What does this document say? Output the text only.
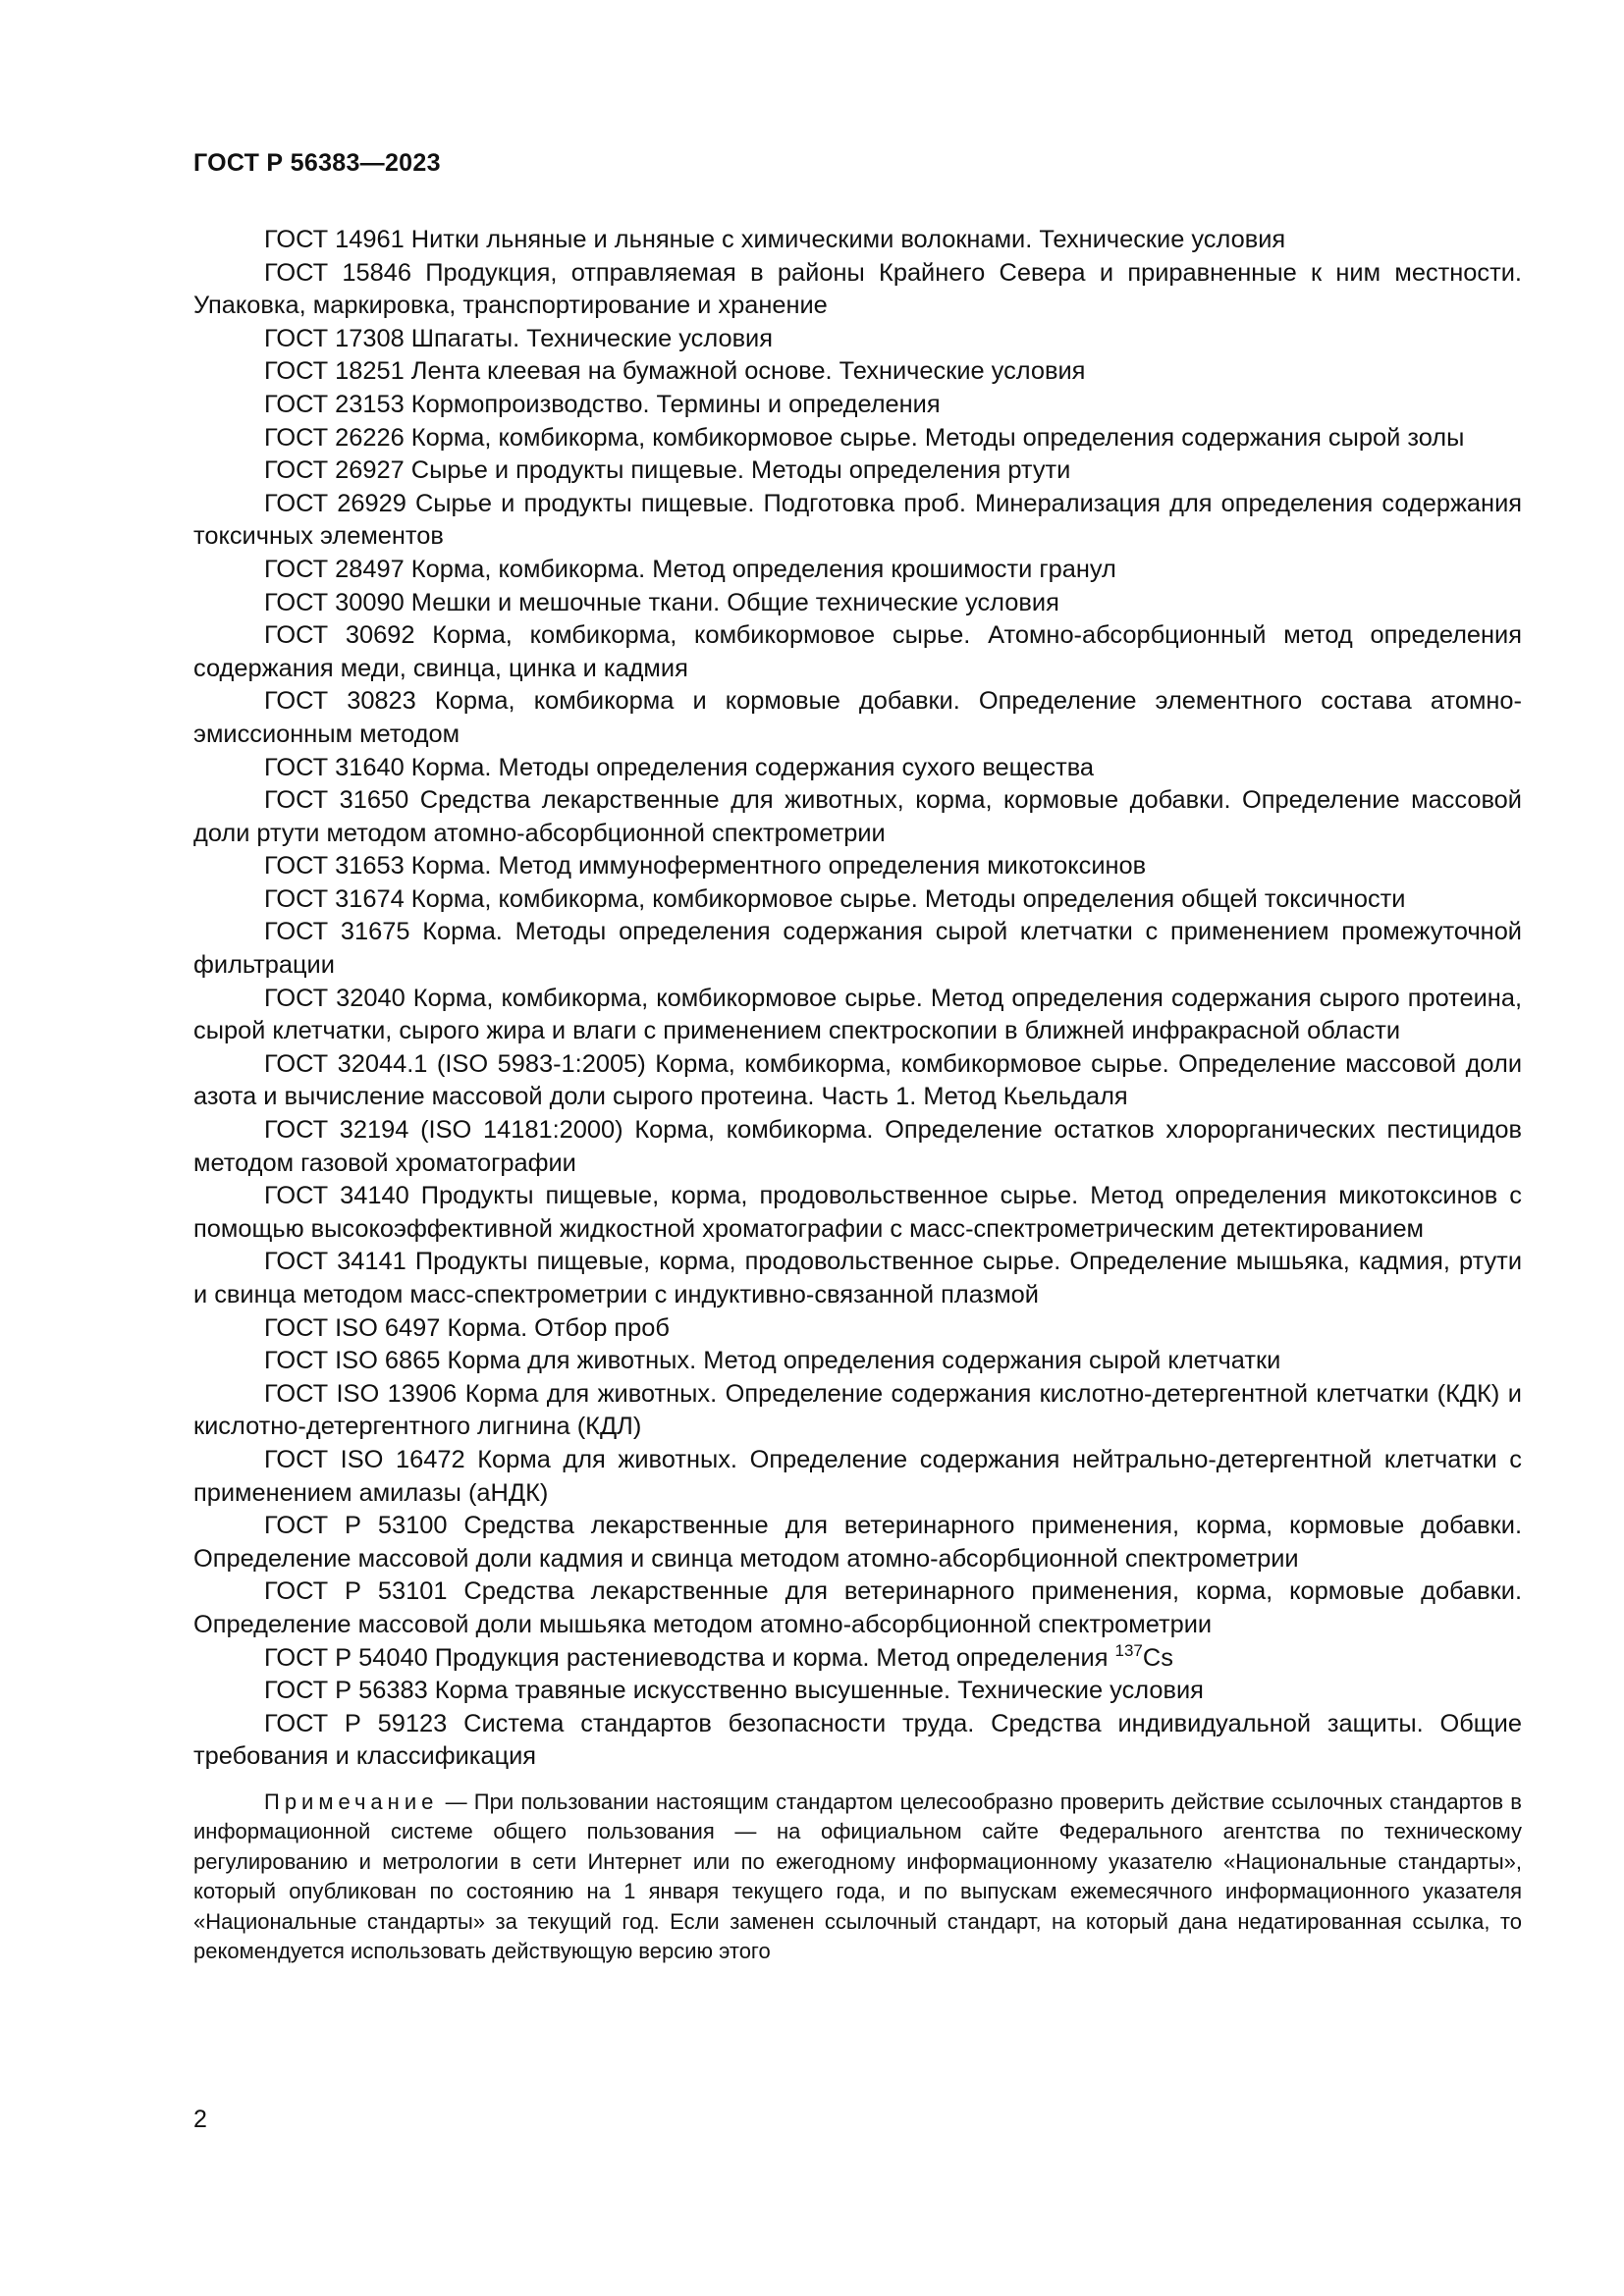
ГОСТ Р 56383—2023

ГОСТ 14961 Нитки льняные и льняные с химическими волокнами. Технические условия

ГОСТ 15846 Продукция, отправляемая в районы Крайнего Севера и приравненные к ним местности. Упаковка, маркировка, транспортирование и хранение

ГОСТ 17308 Шпагаты. Технические условия

ГОСТ 18251 Лента клеевая на бумажной основе. Технические условия

ГОСТ 23153 Кормопроизводство. Термины и определения

ГОСТ 26226 Корма, комбикорма, комбикормовое сырье. Методы определения содержания сырой золы

ГОСТ 26927 Сырье и продукты пищевые. Методы определения ртути

ГОСТ 26929 Сырье и продукты пищевые. Подготовка проб. Минерализация для определения содержания токсичных элементов

ГОСТ 28497 Корма, комбикорма. Метод определения крошимости гранул

ГОСТ 30090 Мешки и мешочные ткани. Общие технические условия

ГОСТ 30692 Корма, комбикорма, комбикормовое сырье. Атомно-абсорбционный метод определения содержания меди, свинца, цинка и кадмия

ГОСТ 30823 Корма, комбикорма и кормовые добавки. Определение элементного состава атомно-эмиссионным методом

ГОСТ 31640 Корма. Методы определения содержания сухого вещества

ГОСТ 31650 Средства лекарственные для животных, корма, кормовые добавки. Определение массовой доли ртути методом атомно-абсорбционной спектрометрии

ГОСТ 31653 Корма. Метод иммуноферментного определения микотоксинов

ГОСТ 31674 Корма, комбикорма, комбикормовое сырье. Методы определения общей токсичности

ГОСТ 31675 Корма. Методы определения содержания сырой клетчатки с применением промежуточной фильтрации

ГОСТ 32040 Корма, комбикорма, комбикормовое сырье. Метод определения содержания сырого протеина, сырой клетчатки, сырого жира и влаги с применением спектроскопии в ближней инфракрасной области

ГОСТ 32044.1 (ISO 5983-1:2005) Корма, комбикорма, комбикормовое сырье. Определение массовой доли азота и вычисление массовой доли сырого протеина. Часть 1. Метод Кьельдаля

ГОСТ 32194 (ISO 14181:2000) Корма, комбикорма. Определение остатков хлорорганических пестицидов методом газовой хроматографии

ГОСТ 34140 Продукты пищевые, корма, продовольственное сырье. Метод определения микотоксинов с помощью высокоэффективной жидкостной хроматографии с масс-спектрометрическим детектированием

ГОСТ 34141 Продукты пищевые, корма, продовольственное сырье. Определение мышьяка, кадмия, ртути и свинца методом масс-спектрометрии с индуктивно-связанной плазмой

ГОСТ ISO 6497 Корма. Отбор проб

ГОСТ ISO 6865 Корма для животных. Метод определения содержания сырой клетчатки

ГОСТ ISO 13906 Корма для животных. Определение содержания кислотно-детергентной клетчатки (КДК) и кислотно-детергентного лигнина (КДЛ)

ГОСТ ISO 16472 Корма для животных. Определение содержания нейтрально-детергентной клетчатки с применением амилазы (аНДК)

ГОСТ Р 53100 Средства лекарственные для ветеринарного применения, корма, кормовые добавки. Определение массовой доли кадмия и свинца методом атомно-абсорбционной спектрометрии

ГОСТ Р 53101 Средства лекарственные для ветеринарного применения, корма, кормовые добавки. Определение массовой доли мышьяка методом атомно-абсорбционной спектрометрии

ГОСТ Р 54040 Продукция растениеводства и корма. Метод определения $^{137}$Cs

ГОСТ Р 56383 Корма травяные искусственно высушенные. Технические условия

ГОСТ Р 59123 Система стандартов безопасности труда. Средства индивидуальной защиты. Общие требования и классификация

Примечание — При пользовании настоящим стандартом целесообразно проверить действие ссылочных стандартов в информационной системе общего пользования — на официальном сайте Федерального агентства по техническому регулированию и метрологии в сети Интернет или по ежегодному информационному указателю «Национальные стандарты», который опубликован по состоянию на 1 января текущего года, и по выпускам ежемесячного информационного указателя «Национальные стандарты» за текущий год. Если заменен ссылочный стандарт, на который дана недатированная ссылка, то рекомендуется использовать действующую версию этого

2
